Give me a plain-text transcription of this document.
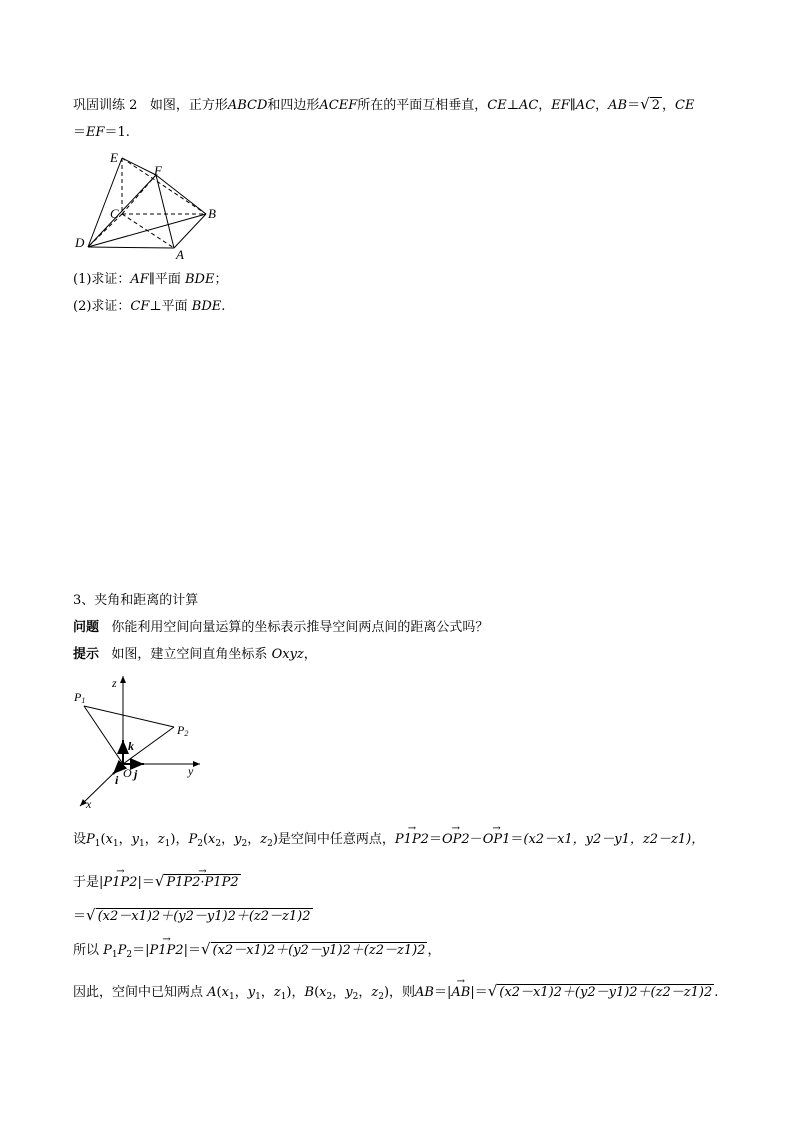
巩固训练 2 如图，正方形ABCD和四边形ACEF所在的平面互相垂直，CE⊥AC，EF∥AC，AB＝√ 2 ，CE
＝EF＝1.
E
F
C	B
D
A
(1)求证：AF∥平面 BDE；
(2)求证：CF⊥平面 BDE.
3、夹角和距离的计算
问题 你能利用空间向量运算的坐标表示推导空间两点间的距离公式吗？
提示 如图，建立空间直角坐标系 Oxyz，
z
y
x
O
P1
P2
k
j
i
设$P_1(x_1$，$y_1$，$z_1$)，$P_2(x_2$，$y_2$，$z_2$)是空间中任意两点，→ P1P2＝→ OP2－→ OP1＝(x2－x1，y2－y1，z2－z1)，
于是|→ P1P2|＝√→ P1P2·P1P2
＝√ (x2－x1)2＋(y2－y1)2＋(z2－z1)2
所以 $P_1P_2=|\to P1P2|=√$ (x2－x1)2＋(y2－y1)2＋(z2－z1)2 ，
因此，空间中已知两点 $A(x_1$，$y_1$，$z_1$)，$B(x_2$，$y_2$，$z_2$)，则AB＝|→ AB|＝√ (x2－x1)2＋(y2－y1)2＋(z2－z1)2 .
